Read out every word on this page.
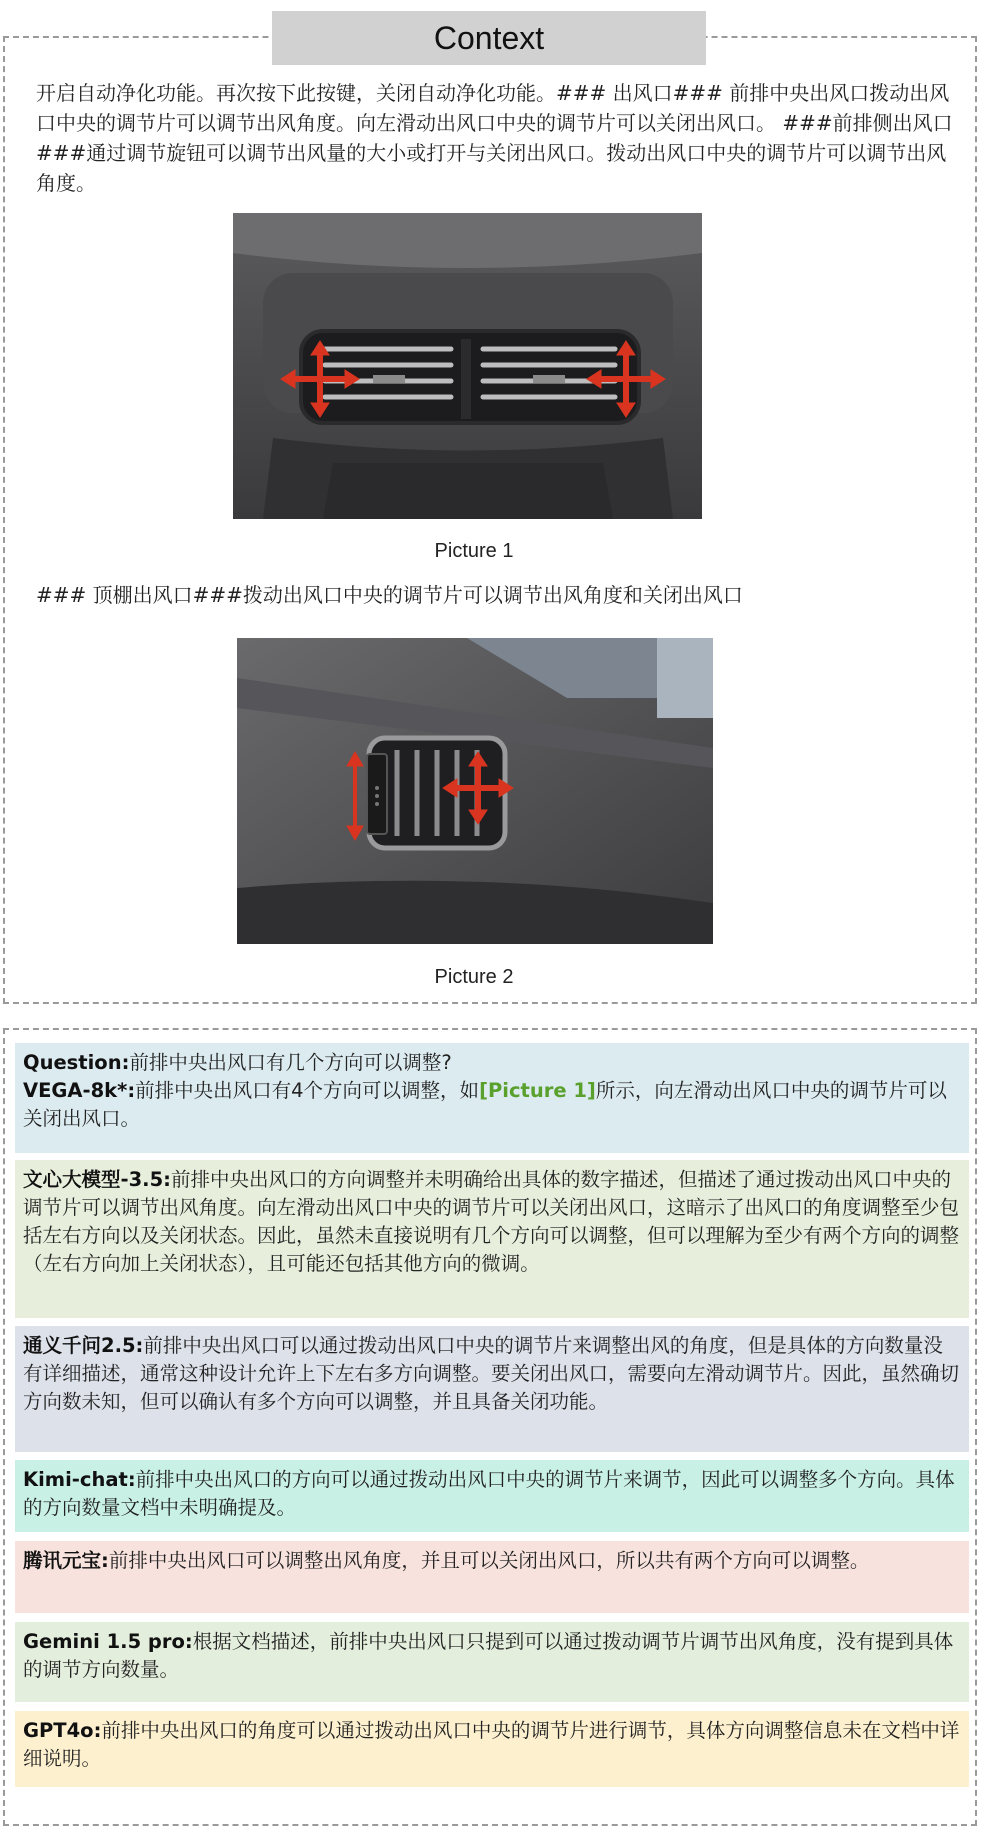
Context
开启自动净化功能。再次按下此按键，关闭自动净化功能。### 出风口### 前排中央出风口拨动出风口中央的调节片可以调节出风角度。向左滑动出风口中央的调节片可以关闭出风口。 ###前排侧出风口###通过调节旋钮可以调节出风量的大小或打开与关闭出风口。拨动出风口中央的调节片可以调节出风角度。
Picture 1
### 顶棚出风口###拨动出风口中央的调节片可以调节出风角度和关闭出风口
Picture 2
Question:前排中央出风口有几个方向可以调整?
VEGA-8k*:前排中央出风口有4个方向可以调整，如[Picture 1]所示，向左滑动出风口中央的调节片可以关闭出风口。
文心大模型-3.5:前排中央出风口的方向调整并未明确给出具体的数字描述，但描述了通过拨动出风口中央的调节片可以调节出风角度。向左滑动出风口中央的调节片可以关闭出风口，这暗示了出风口的角度调整至少包括左右方向以及关闭状态。因此，虽然未直接说明有几个方向可以调整，但可以理解为至少有两个方向的调整（左右方向加上关闭状态），且可能还包括其他方向的微调。
通义千问2.5:前排中央出风口可以通过拨动出风口中央的调节片来调整出风的角度，但是具体的方向数量没有详细描述，通常这种设计允许上下左右多方向调整。要关闭出风口，需要向左滑动调节片。因此，虽然确切方向数未知，但可以确认有多个方向可以调整，并且具备关闭功能。
Kimi-chat:前排中央出风口的方向可以通过拨动出风口中央的调节片来调节，因此可以调整多个方向。具体的方向数量文档中未明确提及。
腾讯元宝:前排中央出风口可以调整出风角度，并且可以关闭出风口，所以共有两个方向可以调整。
Gemini 1.5 pro:根据文档描述，前排中央出风口只提到可以通过拨动调节片调节出风角度，没有提到具体的调节方向数量。
GPT4o:前排中央出风口的角度可以通过拨动出风口中央的调节片进行调节，具体方向调整信息未在文档中详细说明。
